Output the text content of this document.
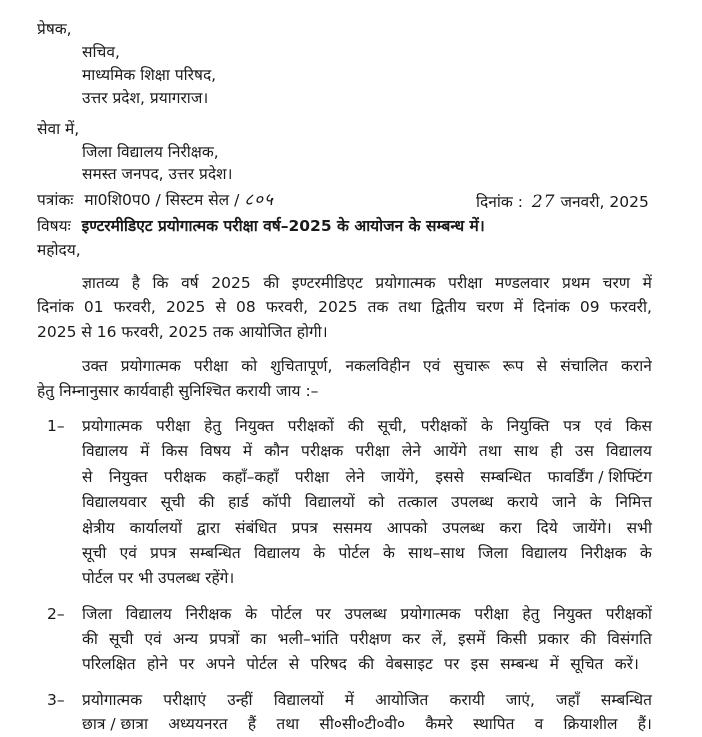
प्रेषक,
सचिव,
माध्यमिक शिक्षा परिषद,
उत्तर प्रदेश, प्रयागराज।
सेवा में,
जिला विद्यालय निरीक्षक,
समस्त जनपद, उत्तर प्रदेश।
पत्रांकः मा0शि0प0 / सिस्टम सेल / ८०५	दिनांक : 27 जनवरी, 2025
विषयः इण्टरमीडिएट प्रयोगात्मक परीक्षा वर्ष–2025 के आयोजन के सम्बन्ध में।
महोदय,
ज्ञातव्य है कि वर्ष 2025 की इण्टरमीडिएट प्रयोगात्मक परीक्षा मण्डलवार प्रथम चरण में
दिनांक 01 फरवरी, 2025 से 08 फरवरी, 2025 तक तथा द्वितीय चरण में दिनांक 09 फरवरी,
2025 से 16 फरवरी, 2025 तक आयोजित होगी।
उक्त प्रयोगात्मक परीक्षा को शुचितापूर्ण, नकलविहीन एवं सुचारू रूप से संचालित कराने
हेतु निम्नानुसार कार्यवाही सुनिश्चित करायी जाय :–
1– प्रयोगात्मक परीक्षा हेतु नियुक्त परीक्षकों की सूची, परीक्षकों के नियुक्ति पत्र एवं किस
विद्यालय में किस विषय में कौन परीक्षक परीक्षा लेने आयेंगे तथा साथ ही उस विद्यालय
से नियुक्त परीक्षक कहाँ–कहाँ परीक्षा लेने जायेंगे, इससे सम्बन्धित फावर्डिंग / शिफ्टिंग
विद्यालयवार सूची की हार्ड कॉपी विद्यालयों को तत्काल उपलब्ध कराये जाने के निमित्त
क्षेत्रीय कार्यालयों द्वारा संबंधित प्रपत्र ससमय आपको उपलब्ध करा दिये जायेंगे। सभी
सूची एवं प्रपत्र सम्बन्धित विद्यालय के पोर्टल के साथ–साथ जिला विद्यालय निरीक्षक के
पोर्टल पर भी उपलब्ध रहेंगे।
2– जिला विद्यालय निरीक्षक के पोर्टल पर उपलब्ध प्रयोगात्मक परीक्षा हेतु नियुक्त परीक्षकों
की सूची एवं अन्य प्रपत्रों का भली–भांति परीक्षण कर लें, इसमें किसी प्रकार की विसंगति
परिलक्षित होने पर अपने पोर्टल से परिषद की वेबसाइट पर इस सम्बन्ध में सूचित करें।
3– प्रयोगात्मक परीक्षाएं उन्हीं विद्यालयों में आयोजित करायी जाएं, जहाँ सम्बन्धित
छात्र / छात्रा अध्ययनरत हैं तथा सी०सी०टी०वी० कैमरे स्थापित व क्रियाशील हैं।
